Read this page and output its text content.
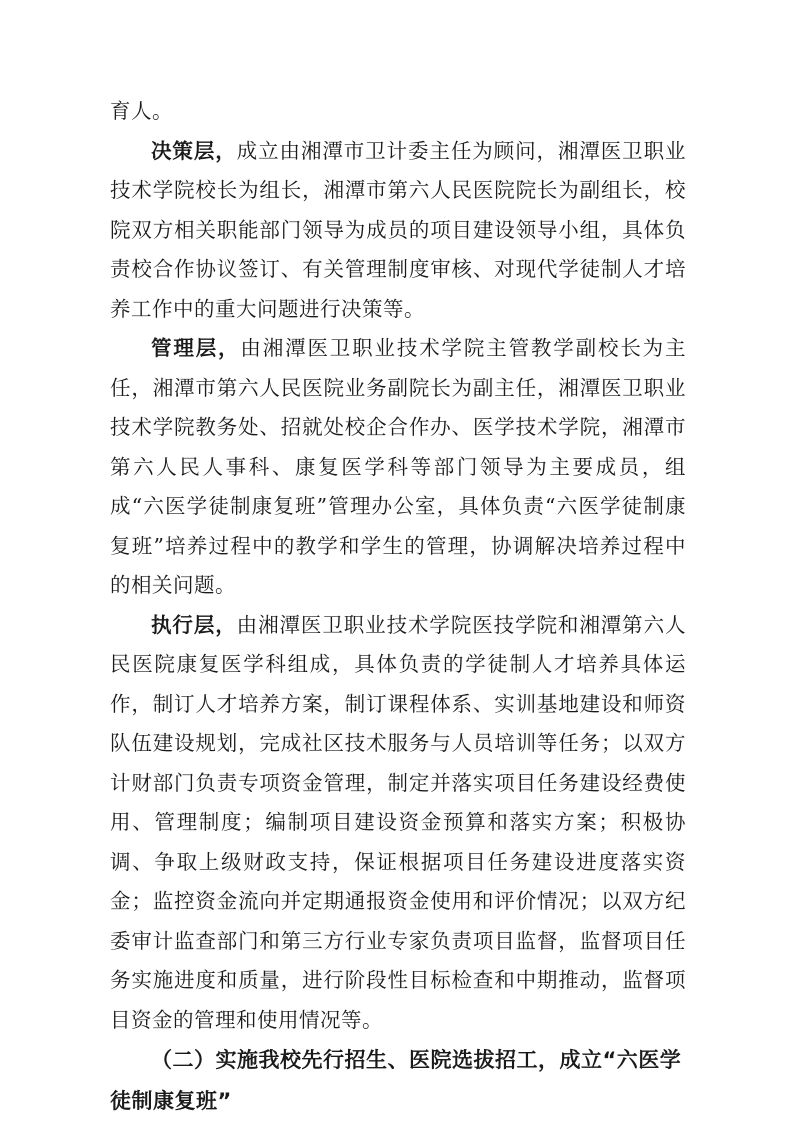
育人。

决策层，成立由湘潭市卫计委主任为顾问，湘潭医卫职业技术学院校长为组长，湘潭市第六人民医院院长为副组长，校院双方相关职能部门领导为成员的项目建设领导小组，具体负责校合作协议签订、有关管理制度审核、对现代学徒制人才培养工作中的重大问题进行决策等。

管理层，由湘潭医卫职业技术学院主管教学副校长为主任，湘潭市第六人民医院业务副院长为副主任，湘潭医卫职业技术学院教务处、招就处校企合作办、医学技术学院，湘潭市第六人民人事科、康复医学科等部门领导为主要成员，组成“六医学徒制康复班”管理办公室，具体负责“六医学徒制康复班”培养过程中的教学和学生的管理，协调解决培养过程中的相关问题。

执行层，由湘潭医卫职业技术学院医技学院和湘潭第六人民医院康复医学科组成，具体负责的学徒制人才培养具体运作，制订人才培养方案，制订课程体系、实训基地建设和师资队伍建设规划，完成社区技术服务与人员培训等任务；以双方计财部门负责专项资金管理，制定并落实项目任务建设经费使用、管理制度；编制项目建设资金预算和落实方案；积极协调、争取上级财政支持，保证根据项目任务建设进度落实资金；监控资金流向并定期通报资金使用和评价情况；以双方纪委审计监查部门和第三方行业专家负责项目监督，监督项目任务实施进度和质量，进行阶段性目标检查和中期推动，监督项目资金的管理和使用情况等。

（二）实施我校先行招生、医院选拔招工，成立“六医学徒制康复班”
